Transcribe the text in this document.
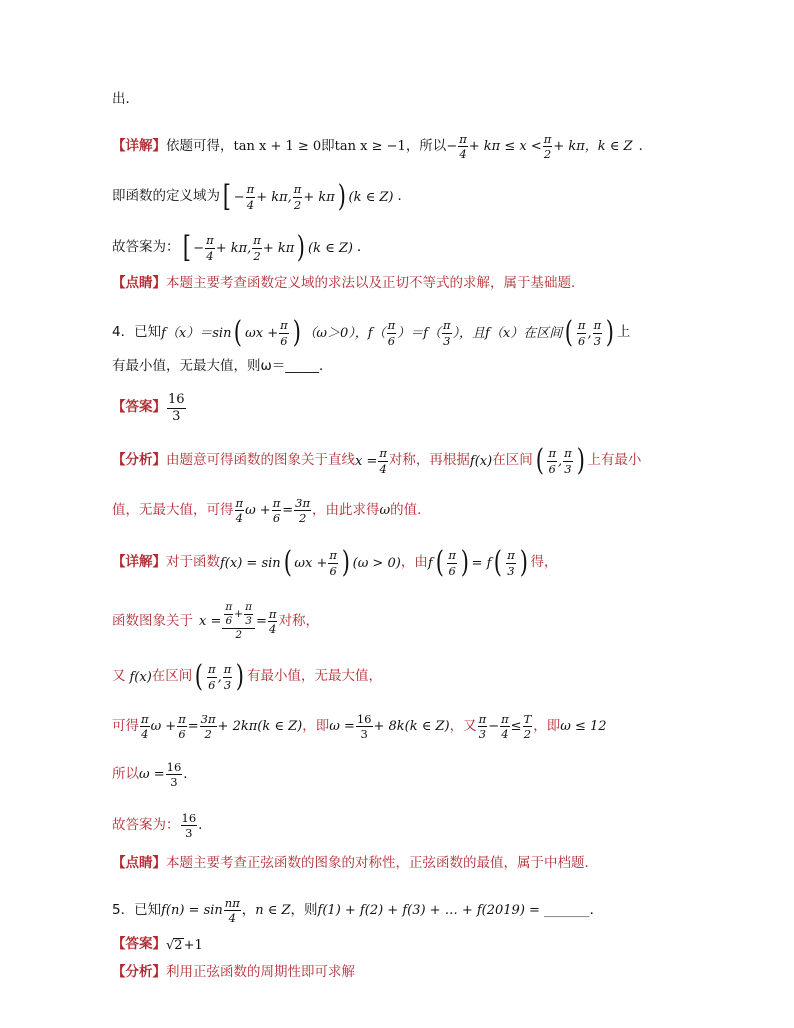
出．
【详解】 依题可得， tan x + 1 ≥ 0 即 tan x ≥ −1 ，所以 − $\frac{\pi}{4} + k\pi \le x < \frac{\pi}{2} + k\pi$ ，k ∈ Z ．
即函数的定义域为 [ − $\frac{\pi}{4} + k\pi$, $\frac{\pi}{2} + k\pi$ ) (k ∈ Z) ．
故答案为： [ − $\frac{\pi}{4} + k\pi$, $\frac{\pi}{2} + k\pi$ ) (k ∈ Z) ．
【点睛】 本题主要考查函数定义域的求法以及正切不等式的求解，属于基础题．
4．已知 f（x）＝sin ( $\omega x + \frac{\pi}{6}$ ) （ω＞0），$f( \frac{\pi}{6} )=f( \frac{\pi}{3}$ ），且f（x）在区间 ( $\frac{\pi}{6}$ , $\frac{\pi}{3}$ ) 上
有最小值，无最大值，则ω＝_____．
【答案】 $\frac{16}{3}$
【分析】 由题意可得函数的图象关于直线 $x = \frac{\pi}{4}$ 对称，再根据 f(x) 在区间 ( $\frac{\pi}{6}$ , $\frac{\pi}{3}$ ) 上有最小
值，无最大值，可得 $\frac{\pi}{4}$ $\omega + \frac{\pi}{6} = \frac{3\pi}{2}$ ，由此求得 ω 的值.
【详解】 对于函数 f(x) = sin ( $\omega x + \frac{\pi}{6}$ ) (ω > 0) ，由 f ( $\frac{\pi}{6}$ ) = f ( $\frac{\pi}{3}$ ) 得，
函数图象关于 $x = \frac{\frac{\pi}{6} + \frac{\pi}{3}}{2} = \frac{\pi}{4}$ 对称，
又 f(x) 在区间 ( $\frac{\pi}{6}$ , $\frac{\pi}{3}$ ) 有最小值，无最大值，
可得 $\frac{\pi}{4}$ $\omega + \frac{\pi}{6} = \frac{3\pi}{2} + 2k\pi(k$ ∈ Z) ，即 $\omega = \frac{16}{3} + 8k(k$ ∈ Z) ，又 $\frac{\pi}{3} - \frac{\pi}{4} \le \frac{T}{2}$ ，即 ω ≤ 12
所以 $\omega = \frac{16}{3}$ .
故答案为： $\frac{16}{3}$ .
【点睛】 本题主要考查正弦函数的图象的对称性，正弦函数的最值，属于中档题．
5．已知 $f(n) = \sin \frac{n\pi}{4}$ ， n ∈ Z ，则 f(1) + f(2) + f(3) + … + f(2019) = _______ ．
【答案】 √ 2 +1
【分析】 利用正弦函数的周期性即可求解
